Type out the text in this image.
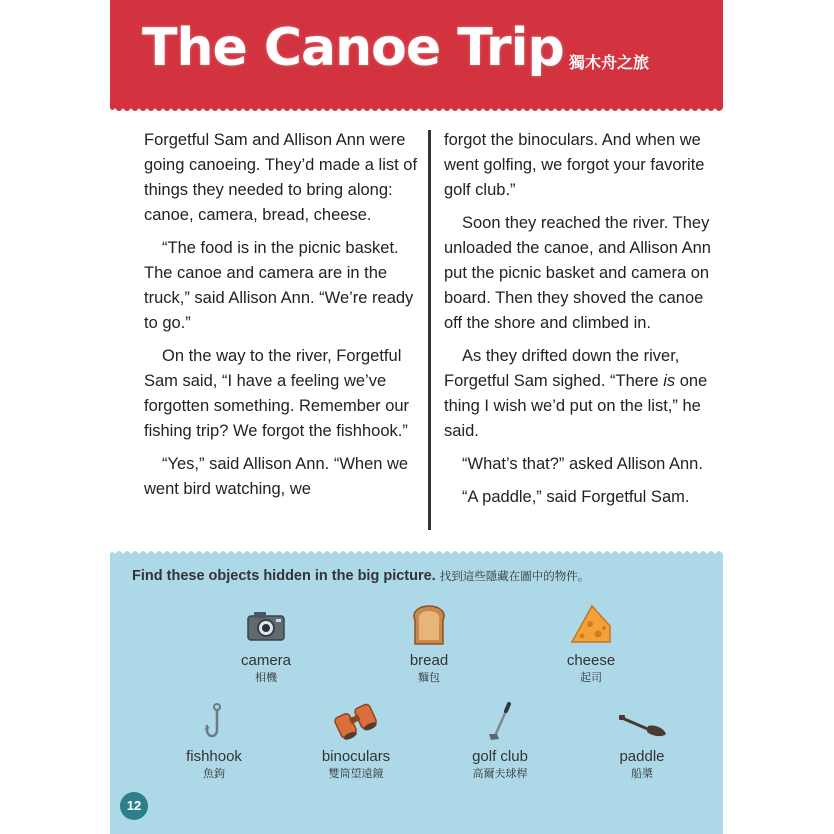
The Canoe Trip 獨木舟之旅

Forgetful Sam and Allison Ann were going canoeing. They’d made a list of things they needed to bring along: canoe, camera, bread, cheese.

“The food is in the picnic basket. The canoe and camera are in the truck,” said Allison Ann. “We’re ready to go.”

On the way to the river, Forgetful Sam said, “I have a feeling we’ve forgotten something. Remember our fishing trip? We forgot the fishhook.”

“Yes,” said Allison Ann. “When we went bird watching, we

forgot the binoculars. And when we went golfing, we forgot your favorite golf club.”

Soon they reached the river. They unloaded the canoe, and Allison Ann put the picnic basket and camera on board. Then they shoved the canoe off the shore and climbed in.

As they drifted down the river, Forgetful Sam sighed. “There is one thing I wish we’d put on the list,” he said.

“What’s that?” asked Allison Ann.

“A paddle,” said Forgetful Sam.

Find these objects hidden in the big picture. 找到這些隱藏在圖中的物件。
camera
相機
bread
麵包
cheese
起司
fishhook
魚鉤
binoculars
雙筒望遠鏡
golf club
高爾夫球桿
paddle
船槳
12
